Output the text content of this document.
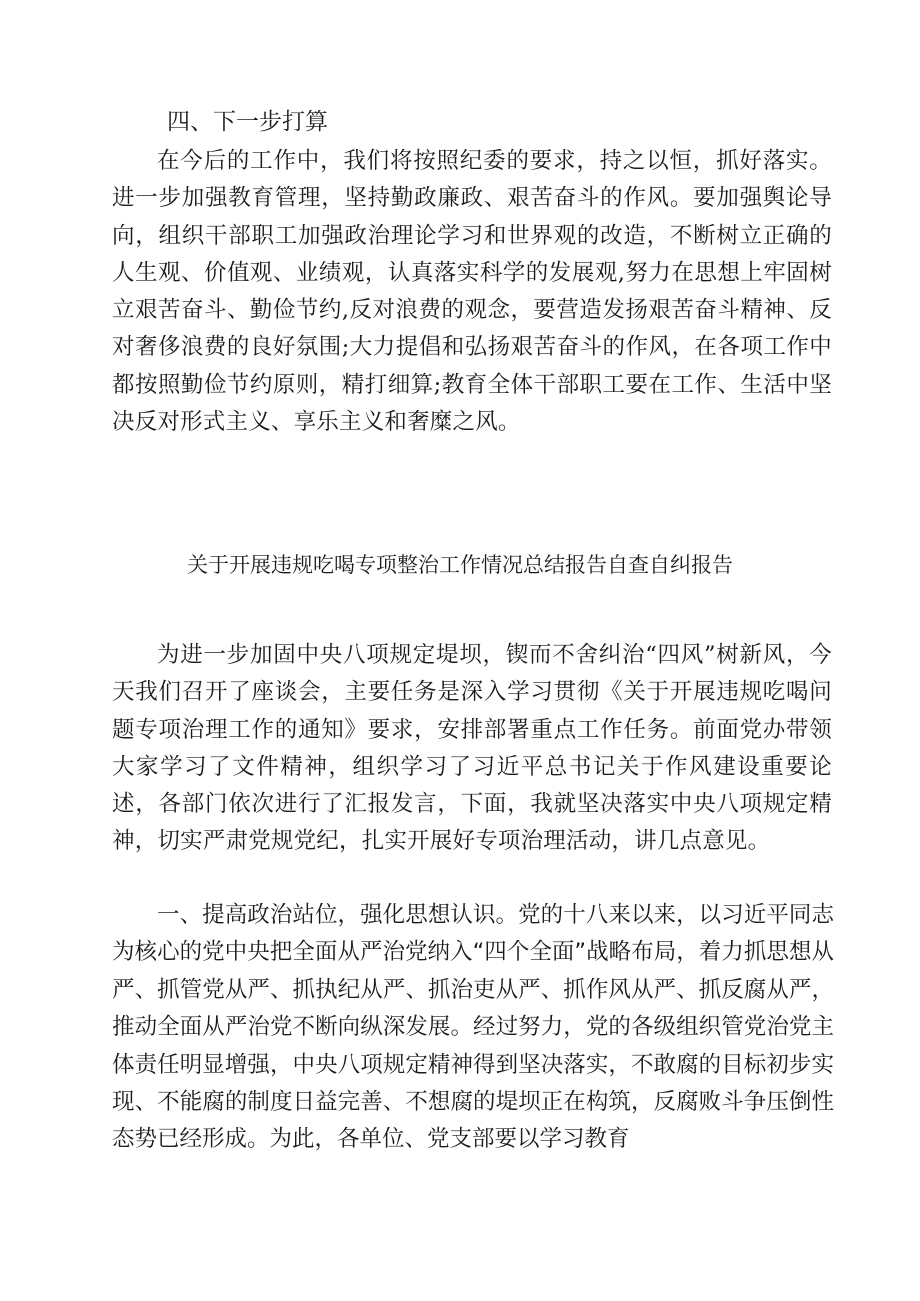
四、下一步打算

在今后的工作中，我们将按照纪委的要求，持之以恒，抓好落实。进一步加强教育管理，坚持勤政廉政、艰苦奋斗的作风。要加强舆论导向，组织干部职工加强政治理论学习和世界观的改造，不断树立正确的人生观、价值观、业绩观，认真落实科学的发展观,努力在思想上牢固树立艰苦奋斗、勤俭节约,反对浪费的观念，要营造发扬艰苦奋斗精神、反对奢侈浪费的良好氛围;大力提倡和弘扬艰苦奋斗的作风，在各项工作中都按照勤俭节约原则，精打细算;教育全体干部职工要在工作、生活中坚决反对形式主义、享乐主义和奢糜之风。

关于开展违规吃喝专项整治工作情况总结报告自查自纠报告

为进一步加固中央八项规定堤坝，锲而不舍纠治“四风”树新风，今天我们召开了座谈会，主要任务是深入学习贯彻《关于开展违规吃喝问题专项治理工作的通知》要求，安排部署重点工作任务。前面党办带领大家学习了文件精神，组织学习了习近平总书记关于作风建设重要论述，各部门依次进行了汇报发言，下面，我就坚决落实中央八项规定精神，切实严肃党规党纪，扎实开展好专项治理活动，讲几点意见。

一、提高政治站位，强化思想认识。党的十八来以来，以习近平同志为核心的党中央把全面从严治党纳入“四个全面”战略布局，着力抓思想从严、抓管党从严、抓执纪从严、抓治吏从严、抓作风从严、抓反腐从严，推动全面从严治党不断向纵深发展。经过努力，党的各级组织管党治党主体责任明显增强，中央八项规定精神得到坚决落实，不敢腐的目标初步实现、不能腐的制度日益完善、不想腐的堤坝正在构筑，反腐败斗争压倒性态势已经形成。为此，各单位、党支部要以学习教育
